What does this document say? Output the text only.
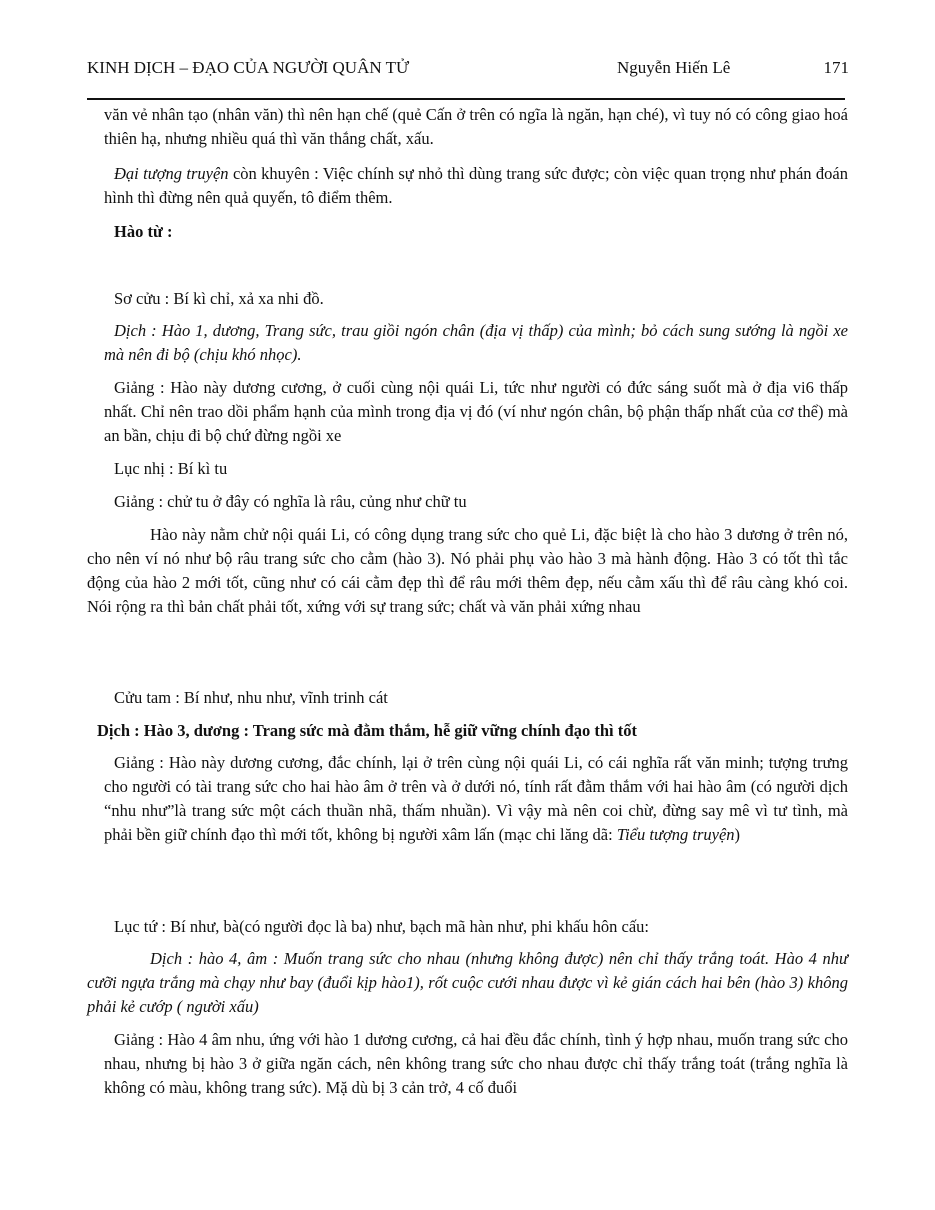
KINH DỊCH – ĐẠO CỦA NGƯỜI QUÂN TỬ	Nguyễn Hiến Lê	171

văn vẻ nhân tạo (nhân văn) thì nên hạn chế (quẻ Cấn ở trên có ngĩa là ngăn, hạn ché), vì tuy nó có công giao hoá thiên hạ, nhưng nhiều quá thì văn thắng chất, xấu.

Đại tượng truyện còn khuyên : Việc chính sự nhỏ thì dùng trang sức được; còn việc quan trọng như phán đoán hình thì đừng nên quả quyến, tô điểm thêm.

Hào từ :

Sơ cửu : Bí kì chỉ, xả xa nhi đồ.

Dịch : Hào 1, dương, Trang sức, trau giồi ngón chân (địa vị thấp) của mình; bỏ cách sung sướng là ngồi xe mà nên đi bộ (chịu khó nhọc).

Giảng : Hào này dương cương, ở cuối cùng nội quái Li, tức như người có đức sáng suốt mà ở địa vi6 thấp nhất. Chỉ nên trao dồi phẩm hạnh của mình trong địa vị đó (ví như ngón chân, bộ phận thấp nhất của cơ thể) mà an bần, chịu đi bộ chứ đừng ngồi xe

Lục nhị : Bí kì tu

Giảng : chử tu ở đây có nghĩa là râu, củng như chữ tu

Hào này nằm chử nội quái Li, có công dụng trang sức cho quẻ Li, đặc biệt là cho hào 3 dương ở trên nó, cho nên ví nó như bộ râu trang sức cho cằm (hào 3). Nó phải phụ vào hào 3 mà hành động. Hào 3 có tốt thì tắc động của hào 2 mới tốt, cũng như có cái cằm đẹp thì để râu mới thêm đẹp, nếu cằm xấu thì để râu càng khó coi. Nói rộng ra thì bản chất phải tốt, xứng với sự trang sức; chất và văn phải xứng nhau

Cửu tam : Bí như, nhu như, vĩnh trinh cát

Dịch : Hào 3, dương : Trang sức mà đằm thắm, hễ giữ vững chính đạo thì tốt

Giảng : Hào này dương cương, đắc chính, lại ở trên cùng nội quái Li, có cái nghĩa rất văn minh; tượng trưng cho người có tài trang sức cho hai hào âm ở trên và ở dưới nó, tính rất đằm thắm với hai hào âm (có người dịch “nhu như”là trang sức một cách thuần nhã, thấm nhuần). Vì vậy mà nên coi chừ, đừng say mê vì tư tình, mà phải bền giữ chính đạo thì mới tốt, không bị người xâm lấn (mạc chi lăng dã: Tiểu tượng truyện)

Lục tứ : Bí như, bà(có người đọc là ba) như, bạch mã hàn như, phi khấu hôn cấu:

Dịch : hào 4, âm : Muốn trang sức cho nhau (nhưng không được) nên chỉ thấy trắng toát. Hào 4 như cưỡi ngựa trắng mà chạy như bay (đuổi kịp hào1), rốt cuộc cưới nhau được vì kẻ gián cách hai bên (hào 3) không phải kẻ cướp ( người xấu)

Giảng : Hào 4 âm nhu, ứng với hào 1 dương cương, cả hai đều đắc chính, tình ý hợp nhau, muốn trang sức cho nhau, nhưng bị hào 3 ở giữa ngăn cách, nên không trang sức cho nhau được chỉ thấy trắng toát (trắng nghĩa là không có màu, không trang sức). Mặ dù bị 3 cản trở, 4 cố đuổi
